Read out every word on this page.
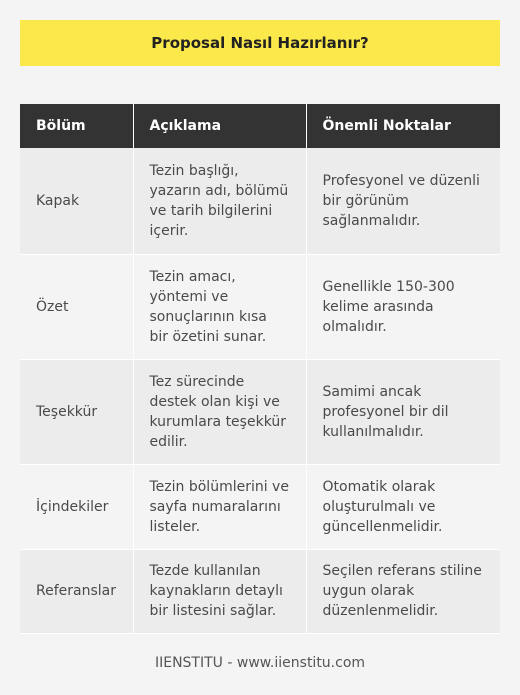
Proposal Nasıl Hazırlanır?
Bölüm	Açıklama	Önemli Noktalar
Kapak	Tezin başlığı, yazarın adı, bölümü ve tarih bilgilerini içerir.	Profesyonel ve düzenli bir görünüm sağlanmalıdır.
Özet	Tezin amacı, yöntemi ve sonuçlarının kısa bir özetini sunar.	Genellikle 150-300 kelime arasında olmalıdır.
Teşekkür	Tez sürecinde destek olan kişi ve kurumlara teşekkür edilir.	Samimi ancak profesyonel bir dil kullanılmalıdır.
İçindekiler	Tezin bölümlerini ve sayfa numaralarını listeler.	Otomatik olarak oluşturulmalı ve güncellenmelidir.
Referanslar	Tezde kullanılan kaynakların detaylı bir listesini sağlar.	Seçilen referans stiline uygun olarak düzenlenmelidir.
IIENSTITU - www.iienstitu.com
